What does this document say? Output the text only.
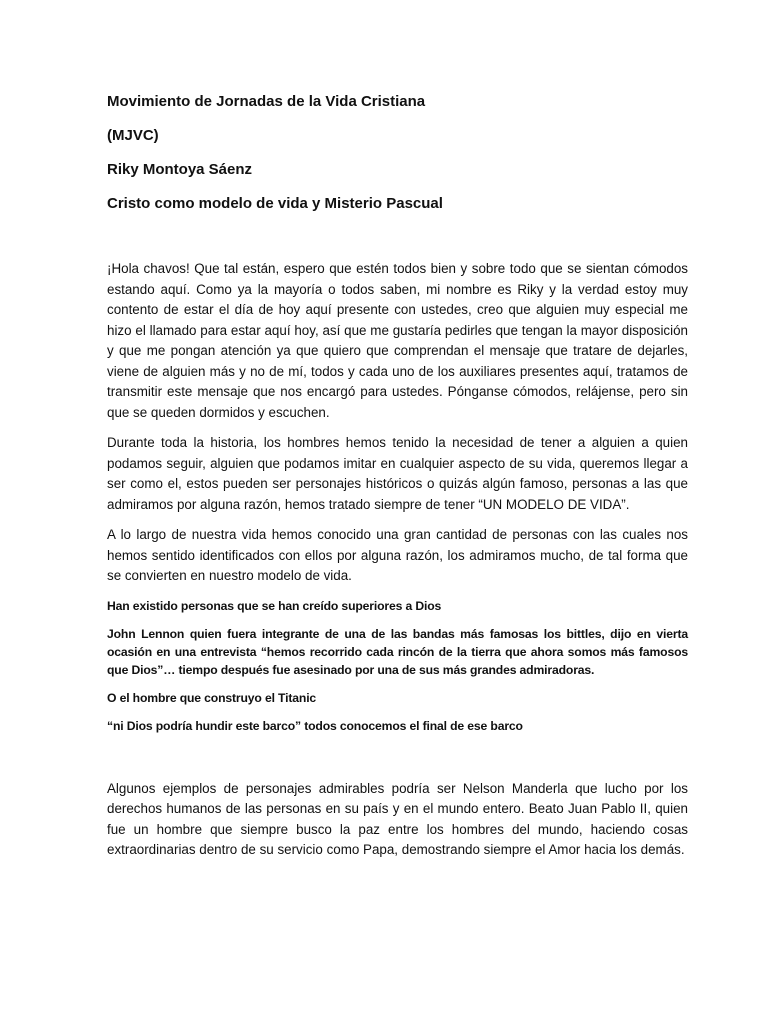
Movimiento de Jornadas de la Vida Cristiana
(MJVC)
Riky Montoya Sáenz
Cristo como modelo de vida y Misterio Pascual

¡Hola chavos! Que tal están, espero que estén todos bien y sobre todo que se sientan cómodos estando aquí. Como ya la mayoría o todos saben, mi nombre es Riky y la verdad estoy muy contento de estar el día de hoy aquí presente con ustedes, creo que alguien muy especial me hizo el llamado para estar aquí hoy, así que me gustaría pedirles que tengan la mayor disposición y que me pongan atención ya que quiero que comprendan el mensaje que tratare de dejarles, viene de alguien más y no de mí, todos y cada uno de los auxiliares presentes aquí, tratamos de transmitir este mensaje que nos encargó para ustedes. Pónganse cómodos, relájense, pero sin que se queden dormidos y escuchen.

Durante toda la historia, los hombres hemos tenido la necesidad de tener a alguien a quien podamos seguir, alguien que podamos imitar en cualquier aspecto de su vida, queremos llegar a ser como el, estos pueden ser personajes históricos o quizás algún famoso, personas a las que admiramos por alguna razón, hemos tratado siempre de tener “UN MODELO DE VIDA”.

A lo largo de nuestra vida hemos conocido una gran cantidad de personas con las cuales nos hemos sentido identificados con ellos por alguna razón, los admiramos mucho, de tal forma que se convierten en nuestro modelo de vida.

Han existido personas que se han creído superiores a Dios

John Lennon quien fuera integrante de una de las bandas más famosas los bittles, dijo en vierta ocasión en una entrevista “hemos recorrido cada rincón de la tierra que ahora somos más famosos que Dios”… tiempo después fue asesinado por una de sus más grandes admiradoras.

O el hombre que construyo el Titanic

“ni Dios podría hundir este barco” todos conocemos el final de ese barco

Algunos ejemplos de personajes admirables podría ser Nelson Manderla que lucho por los derechos humanos de las personas en su país y en el mundo entero. Beato Juan Pablo II, quien fue un hombre que siempre busco la paz entre los hombres del mundo, haciendo cosas extraordinarias dentro de su servicio como Papa, demostrando siempre el Amor hacia los demás.
